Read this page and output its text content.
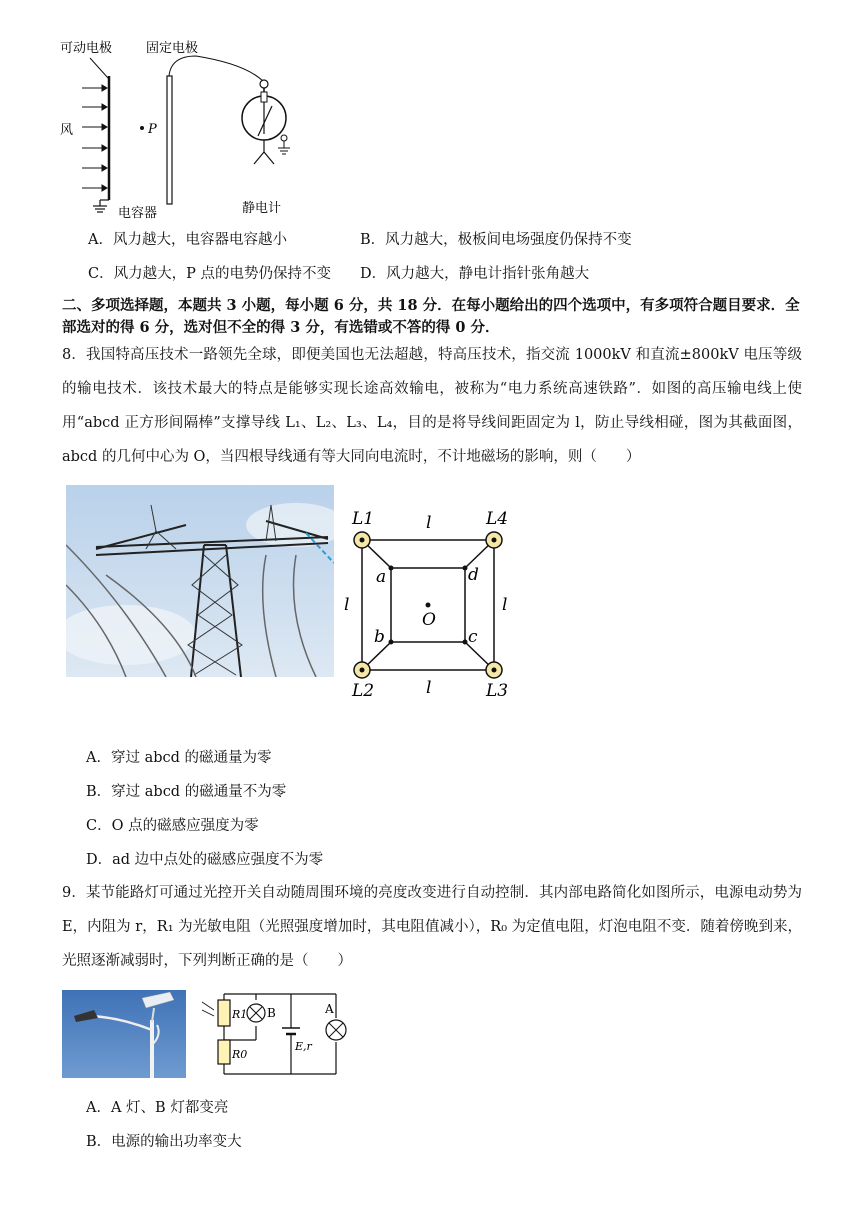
可动电极	固定电极
风	P
电容器	静电计
A．风力越大，电容器电容越小	B．风力越大，极板间电场强度仍保持不变
C．风力越大，P 点的电势仍保持不变 D．风力越大，静电计指针张角越大
二、多项选择题，本题共 3 小题，每小题 6 分，共 18 分．在每小题给出的四个选项中，有多项符合题目要求．全
部选对的得 6 分，选对但不全的得 3 分，有选错或不答的得 0 分．
8．我国特高压技术一路领先全球，即便美国也无法超越，特高压技术，指交流 1000kV 和直流±800kV 电压等级的输电技术．该技术最大的特点是能够实现长途高效输电，被称为“电力系统高速铁路”．如图的高压输电线上使用“abcd 正方形间隔棒”支撑导线 L₁、L₂、L₃、L₄，目的是将导线间距固定为 l，防止导线相碰，图为其截面图，abcd 的几何中心为 O，当四根导线通有等大同向电流时，不计地磁场的影响，则（　　）
L1	L4
L2	L3
l
l
l	l
a	d
b	c
O
A．穿过 abcd 的磁通量为零
B．穿过 abcd 的磁通量不为零
C．O 点的磁感应强度为零
D．ad 边中点处的磁感应强度不为零
9．某节能路灯可通过光控开关自动随周围环境的亮度改变进行自动控制．其内部电路简化如图所示，电源电动势为 E，内阻为 r，R₁ 为光敏电阻（光照强度增加时，其电阻值减小），R₀ 为定值电阻，灯泡电阻不变．随着傍晚到来，光照逐渐减弱时，下列判断正确的是（　　）
R1
R0
E,r
B	A
A．A 灯、B 灯都变亮
B．电源的输出功率变大
